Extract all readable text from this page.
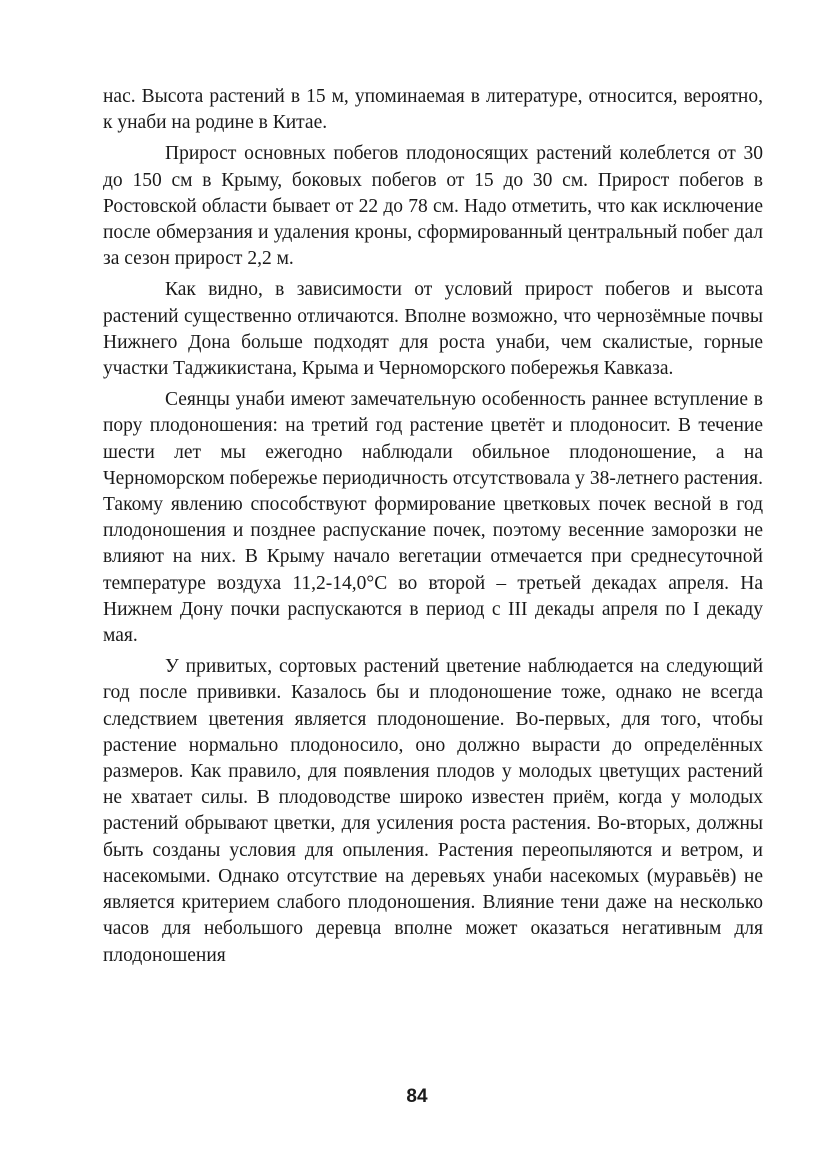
нас. Высота растений в 15 м, упоминаемая в литературе, относится, вероятно, к унаби на родине в Китае.

Прирост основных побегов плодоносящих растений колеблется от 30 до 150 см в Крыму, боковых побегов от 15 до 30 см. Прирост побегов в Ростовской области бывает от 22 до 78 см. Надо отметить, что как исключение после обмерзания и удаления кроны, сформированный центральный побег дал за сезон прирост 2,2 м.

Как видно, в зависимости от условий прирост побегов и высота растений существенно отличаются. Вполне возможно, что чернозёмные почвы Нижнего Дона больше подходят для роста унаби, чем скалистые, горные участки Таджикистана, Крыма и Черноморского побережья Кавказа.

Сеянцы унаби имеют замечательную особенность раннее вступление в пору плодоношения: на третий год растение цветёт и плодоносит. В течение шести лет мы ежегодно наблюдали обильное плодоношение, а на Черноморском побережье периодичность отсутствовала у 38-летнего растения. Такому явлению способствуют формирование цветковых почек весной в год плодоношения и позднее распускание почек, поэтому весенние заморозки не влияют на них. В Крыму начало вегетации отмечается при среднесуточной температуре воздуха 11,2-14,0°С во второй – третьей декадах апреля. На Нижнем Дону почки распускаются в период с III декады апреля по I декаду мая.

У привитых, сортовых растений цветение наблюдается на следующий год после прививки. Казалось бы и плодоношение тоже, однако не всегда следствием цветения является плодоношение. Во-первых, для того, чтобы растение нормально плодоносило, оно должно вырасти до определённых размеров. Как правило, для появления плодов у молодых цветущих растений не хватает силы. В плодоводстве широко известен приём, когда у молодых растений обрывают цветки, для усиления роста растения. Во-вторых, должны быть созданы условия для опыления. Растения переопыляются и ветром, и насекомыми. Однако отсутствие на деревьях унаби насекомых (муравьёв) не является критерием слабого плодоношения. Влияние тени даже на несколько часов для небольшого деревца вполне может оказаться негативным для плодоношения

84
